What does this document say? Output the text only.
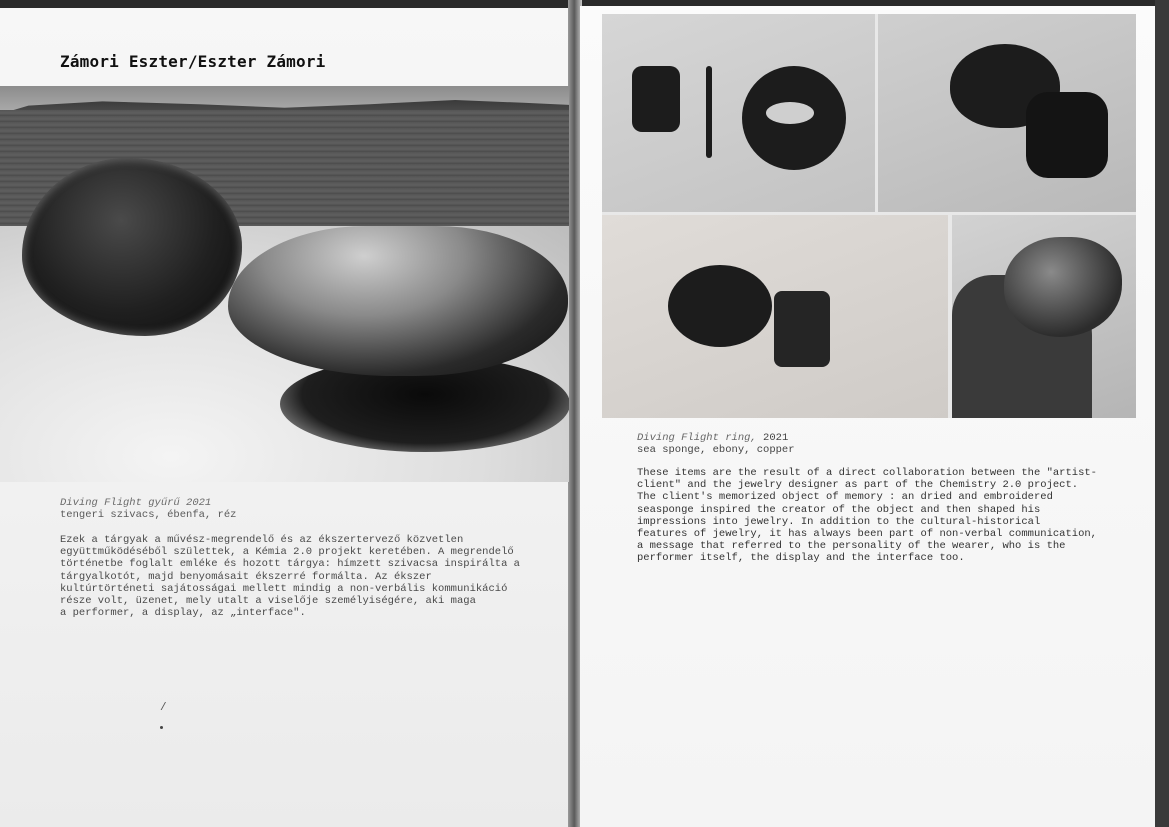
Zámori Eszter/Eszter Zámori
Diving Flight gyűrű 2021
tengeri szivacs, ébenfa, réz
Ezek a tárgyak a művész-megrendelő és az ékszertervező közvetlen
együttműködéséből születtek, a Kémia 2.0 projekt keretében. A megrendelő
történetbe foglalt emléke és hozott tárgya: hímzett szivacsa inspirálta a
tárgyalkotót, majd benyomásait ékszerré formálta. Az ékszer
kultúrtörténeti sajátosságai mellett mindig a non-verbális kommunikáció
része volt, üzenet, mely utalt a viselője személyiségére, aki maga
a performer, a display, az „interface".
/
Diving Flight ring, 2021
sea sponge, ebony, copper
These items are the result of a direct collaboration between the "artist-
client" and the jewelry designer as part of the Chemistry 2.0 project.
The client's memorized object of memory : an dried and embroidered
seasponge inspired the creator of the object and then shaped his
impressions into jewelry. In addition to the cultural-historical
features of jewelry, it has always been part of non-verbal communication,
a message that referred to the personality of the wearer, who is the
performer itself, the display and the interface too.
